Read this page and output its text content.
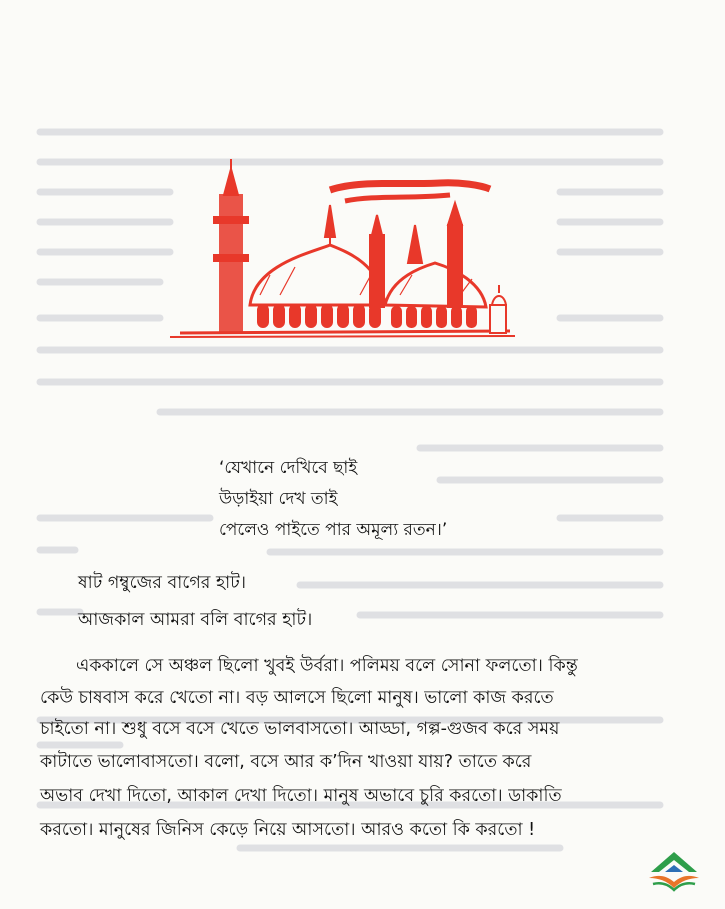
‘যেখানে দেখিবে ছাই
উড়াইয়া দেখ তাই
পেলেও পাইতে পার অমূল্য রতন।’
ষাট গম্বুজের বাগের হাট।
আজকাল আমরা বলি বাগের হাট।
এককালে সে অঞ্চল ছিলো খুবই উর্বরা। পলিময় বলে সোনা ফলতো। কিন্তু
কেউ চাষবাস করে খেতো না। বড় আলসে ছিলো মানুষ। ভালো কাজ করতে
চাইতো না। শুধু বসে বসে খেতে ভালবাসতো। আড্ডা, গল্প-গুজব করে সময়
কাটাতে ভালোবাসতো। বলো, বসে আর ক’দিন খাওয়া যায়? তাতে করে
অভাব দেখা দিতো, আকাল দেখা দিতো। মানুষ অভাবে চুরি করতো। ডাকাতি
করতো। মানুষের জিনিস কেড়ে নিয়ে আসতো। আরও কতো কি করতো !
